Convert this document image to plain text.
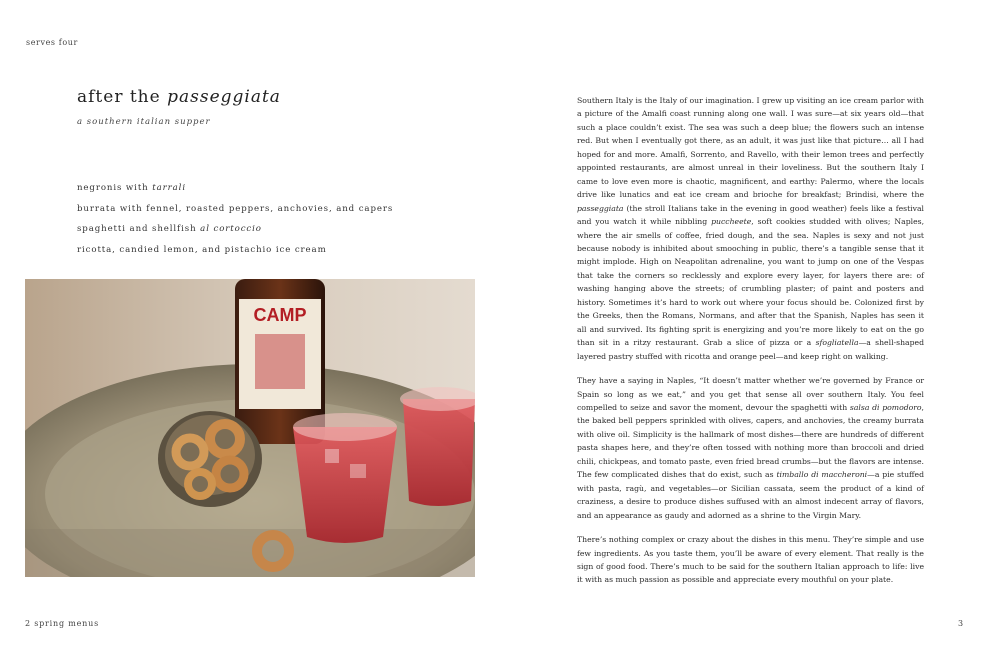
serves four
after the passeggiata
a southern italian supper
negronis with tarrali
burrata with fennel, roasted peppers, anchovies, and capers
spaghetti and shellfish al cortoccio
ricotta, candied lemon, and pistachio ice cream
CAMP
2 spring menus	3

Southern Italy is the Italy of our imagination. I grew up visiting an ice cream parlor with a picture of the Amalfi coast running along one wall. I was sure—at six years old—that such a place couldn’t exist. The sea was such a deep blue; the flowers such an intense red. But when I eventually got there, as an adult, it was just like that picture… all I had hoped for and more. Amalfi, Sorrento, and Ravello, with their lemon trees and perfectly appointed restaurants, are almost unreal in their loveliness. But the southern Italy I came to love even more is chaotic, magnificent, and earthy: Palermo, where the locals drive like lunatics and eat ice cream and brioche for breakfast; Brindisi, where the passeggiata (the stroll Italians take in the evening in good weather) feels like a festival and you watch it while nibbling puccheete, soft cookies studded with olives; Naples, where the air smells of coffee, fried dough, and the sea. Naples is sexy and not just because nobody is inhibited about smooching in public, there’s a tangible sense that it might implode. High on Neapolitan adrenaline, you want to jump on one of the Vespas that take the corners so recklessly and explore every layer, for layers there are: of washing hanging above the streets; of crumbling plaster; of paint and posters and history. Sometimes it’s hard to work out where your focus should be. Colonized first by the Greeks, then the Romans, Normans, and after that the Spanish, Naples has seen it all and survived. Its fighting sprit is energizing and you’re more likely to eat on the go than sit in a ritzy restaurant. Grab a slice of pizza or a sfogliatella—a shell-shaped layered pastry stuffed with ricotta and orange peel—and keep right on walking.

They have a saying in Naples, “It doesn’t matter whether we’re governed by France or Spain so long as we eat,” and you get that sense all over southern Italy. You feel compelled to seize and savor the moment, devour the spaghetti with salsa di pomodoro, the baked bell peppers sprinkled with olives, capers, and anchovies, the creamy burrata with olive oil. Simplicity is the hallmark of most dishes—there are hundreds of different pasta shapes here, and they’re often tossed with nothing more than broccoli and dried chili, chickpeas, and tomato paste, even fried bread crumbs—but the flavors are intense. The few complicated dishes that do exist, such as timballo di maccheroni—a pie stuffed with pasta, ragù, and vegetables—or Sicilian cassata, seem the product of a kind of craziness, a desire to produce dishes suffused with an almost indecent array of flavors, and an appearance as gaudy and adorned as a shrine to the Virgin Mary.

There’s nothing complex or crazy about the dishes in this menu. They’re simple and use few ingredients. As you taste them, you’ll be aware of every element. That really is the sign of good food. There’s much to be said for the southern Italian approach to life: live it with as much passion as possible and appreciate every mouthful on your plate.
